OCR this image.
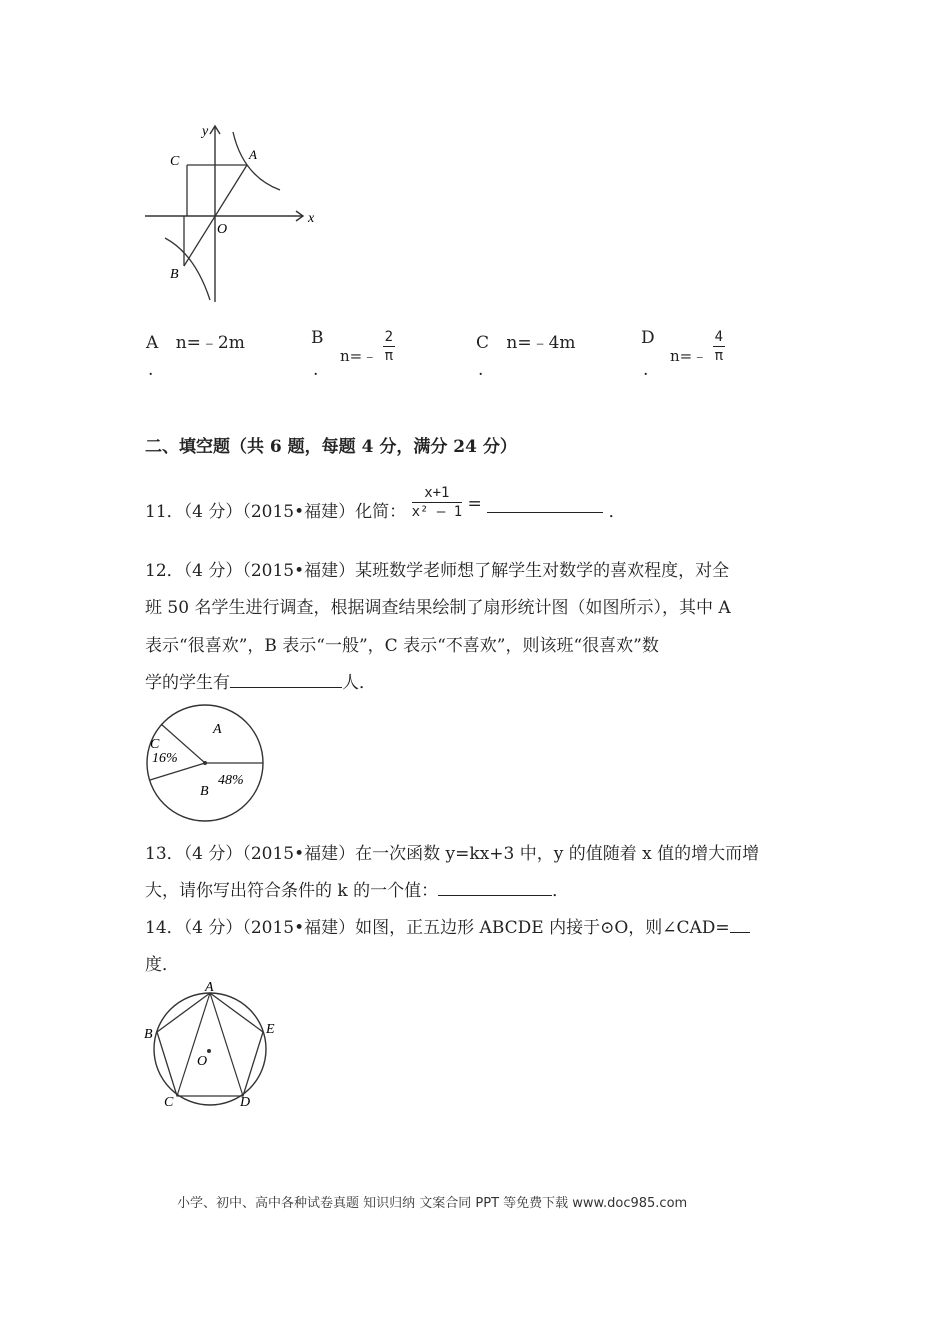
y
x
C	A
O
B
A n=﹣2m
.
B
n=﹣ $\frac{2}{\pi}$
.
C n=﹣4m
.
D
n=﹣ $\frac{4}{\pi}$
.
二、填空题（共 6 题，每题 4 分，满分 24 分）
11．（4 分）（2015•福建）化简： $\frac{x+1}{\text{x² – 1}}$ =	．
12．（4 分）（2015•福建）某班数学老师想了解学生对数学的喜欢程度，对全
班 50 名学生进行调查，根据调查结果绘制了扇形统计图（如图所示），其中 A
表示“很喜欢”，B 表示“一般”，C 表示“不喜欢”，则该班“很喜欢”数
学的学生有	人．
A
C
16%
48%
B
13．（4 分）（2015•福建）在一次函数 y=kx+3 中，y 的值随着 x 值的增大而增
大，请你写出符合条件的 k 的一个值：	．
14．（4 分）（2015•福建）如图，正五边形 ABCDE 内接于⊙O，则∠CAD=
度．
A
B	E
O
C	D
小学、初中、高中各种试卷真题 知识归纳 文案合同 PPT 等免费下载 www.doc985.com
